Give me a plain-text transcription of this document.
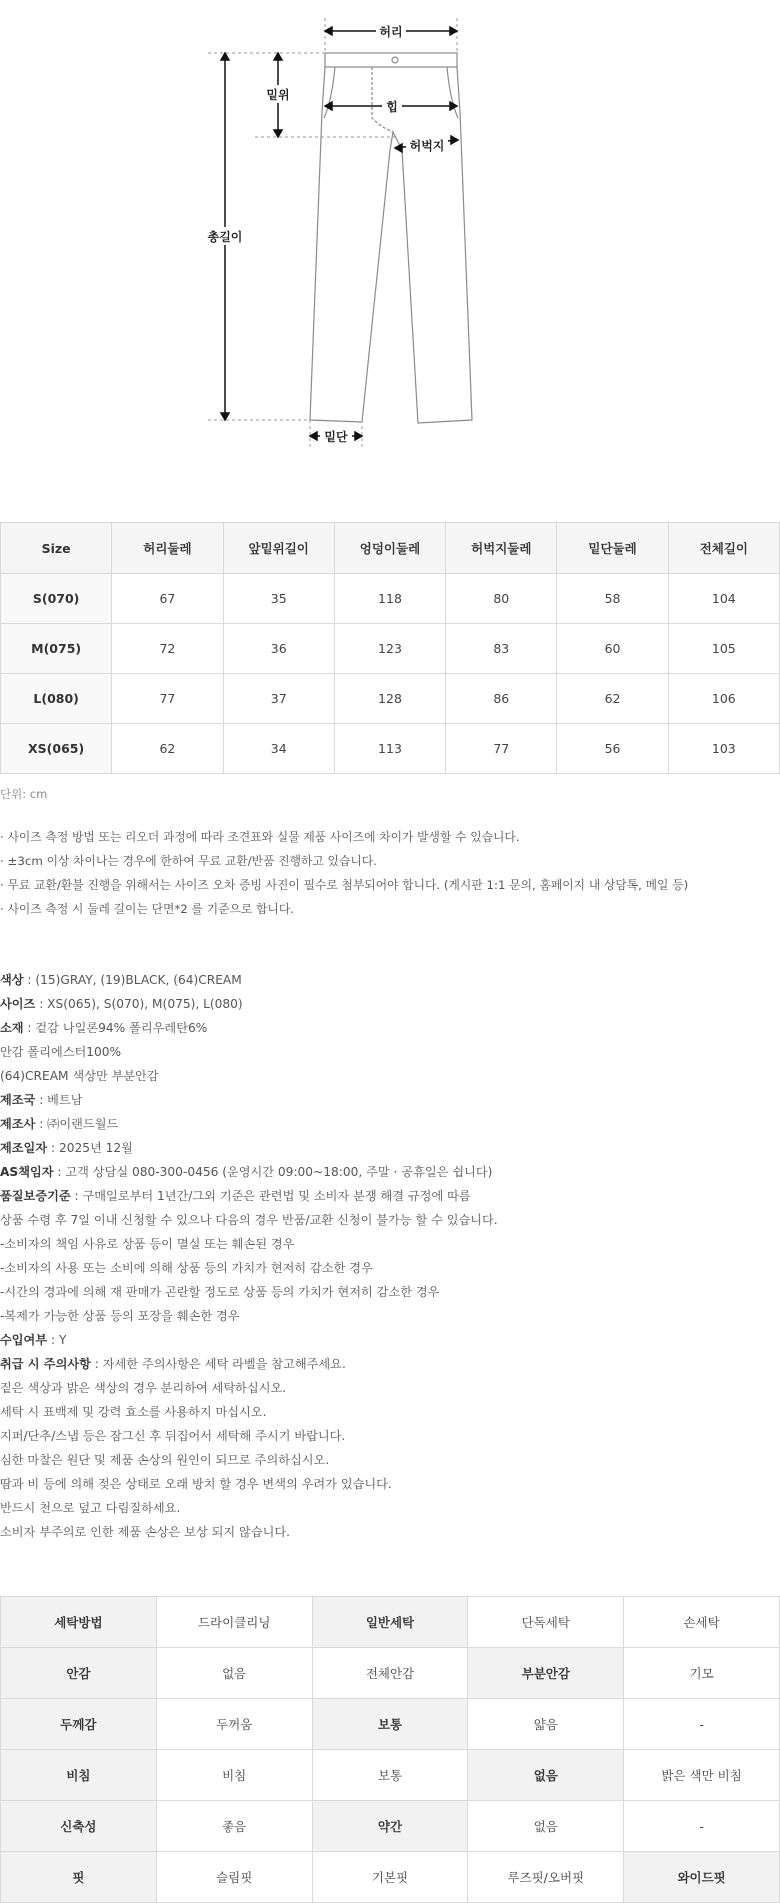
허리
밑위
힙
허벅지
총길이
밑단
Size	허리둘레	앞밑위길이	엉덩이둘레	허벅지둘레	밑단둘레	전체길이
S(070)	67	35	118	80	58	104
M(075)	72	36	123	83	60	105
L(080)	77	37	128	86	62	106
XS(065)	62	34	113	77	56	103
단위: cm
· 사이즈 측정 방법 또는 리오더 과정에 따라 조견표와 실물 제품 사이즈에 차이가 발생할 수 있습니다.
· ±3cm 이상 차이나는 경우에 한하여 무료 교환/반품 진행하고 있습니다.
· 무료 교환/환불 진행을 위해서는 사이즈 오차 증빙 사진이 필수로 첨부되어야 합니다. (게시판 1:1 문의, 홈페이지 내 상담톡, 메일 등)
· 사이즈 측정 시 둘레 길이는 단면*2 를 기준으로 합니다.
색상 : (15)GRAY, (19)BLACK, (64)CREAM
사이즈 : XS(065), S(070), M(075), L(080)
소재 : 겉감 나일론94% 폴리우레탄6%
안감 폴리에스터100%
(64)CREAM 색상만 부분안감
제조국 : 베트남
제조사 : ㈜이랜드월드
제조일자 : 2025년 12월
AS책임자 : 고객 상담실 080-300-0456 (운영시간 09:00~18:00, 주말 · 공휴일은 쉽니다)
품질보증기준 : 구매일로부터 1년간/그외 기준은 관련법 및 소비자 분쟁 해결 규정에 따름
상품 수령 후 7일 이내 신청할 수 있으나 다음의 경우 반품/교환 신청이 불가능 할 수 있습니다.
-소비자의 책임 사유로 상품 등이 멸실 또는 훼손된 경우
-소비자의 사용 또는 소비에 의해 상품 등의 가치가 현저히 감소한 경우
-시간의 경과에 의해 재 판매가 곤란할 정도로 상품 등의 가치가 현저히 감소한 경우
-복제가 가능한 상품 등의 포장을 훼손한 경우
수입여부 : Y
취급 시 주의사항 : 자세한 주의사항은 세탁 라벨을 참고해주세요.
짙은 색상과 밝은 색상의 경우 분리하여 세탁하십시오.
세탁 시 표백제 및 강력 효소를 사용하지 마십시오.
지퍼/단추/스냅 등은 잠그신 후 뒤집어서 세탁해 주시기 바랍니다.
심한 마찰은 원단 및 제품 손상의 원인이 되므로 주의하십시오.
땀과 비 등에 의해 젖은 상태로 오래 방치 할 경우 변색의 우려가 있습니다.
반드시 천으로 덮고 다림질하세요.
소비자 부주의로 인한 제품 손상은 보상 되지 않습니다.
세탁방법	드라이클리닝	일반세탁	단독세탁	손세탁
안감	없음	전체안감	부분안감	기모
두께감	두꺼움	보통	얇음	-
비침	비침	보통	없음	밝은 색만 비침
신축성	좋음	약간	없음	-
핏	슬림핏	기본핏	루즈핏/오버핏	와이드핏
